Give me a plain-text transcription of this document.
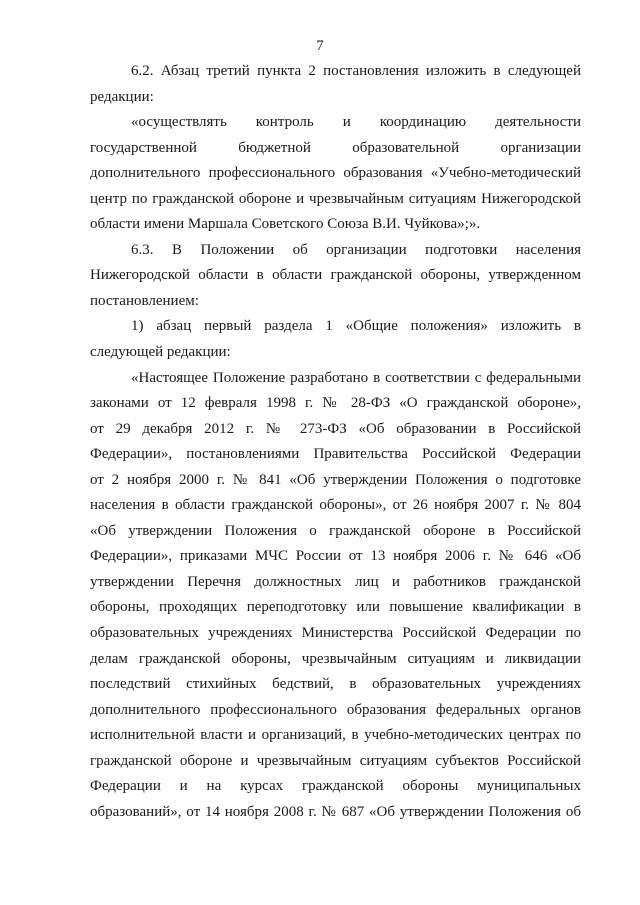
7

6.2. Абзац третий пункта 2 постановления изложить в следующей
редакции:

«осуществлять контроль и координацию деятельности
государственной бюджетной образовательной организации
дополнительного профессионального образования «Учебно-методический
центр по гражданской обороне и чрезвычайным ситуациям Нижегородской
области имени Маршала Советского Союза В.И. Чуйкова»;».

6.3. В Положении об организации подготовки населения
Нижегородской области в области гражданской обороны, утвержденном
постановлением:

1) абзац первый раздела 1 «Общие положения» изложить в
следующей редакции:

«Настоящее Положение разработано в соответствии с федеральными
законами от 12 февраля 1998 г. № 28-ФЗ «О гражданской обороне»,
от 29 декабря 2012 г. № 273-ФЗ «Об образовании в Российской
Федерации», постановлениями Правительства Российской Федерации
от 2 ноября 2000 г. № 841 «Об утверждении Положения о подготовке
населения в области гражданской обороны», от 26 ноября 2007 г. № 804
«Об утверждении Положения о гражданской обороне в Российской
Федерации», приказами МЧС России от 13 ноября 2006 г. № 646 «Об
утверждении Перечня должностных лиц и работников гражданской
обороны, проходящих переподготовку или повышение квалификации в
образовательных учреждениях Министерства Российской Федерации по
делам гражданской обороны, чрезвычайным ситуациям и ликвидации
последствий стихийных бедствий, в образовательных учреждениях
дополнительного профессионального образования федеральных органов
исполнительной власти и организаций, в учебно-методических центрах по
гражданской обороне и чрезвычайным ситуациям субъектов Российской
Федерации и на курсах гражданской обороны муниципальных
образований», от 14 ноября 2008 г. № 687 «Об утверждении Положения об
